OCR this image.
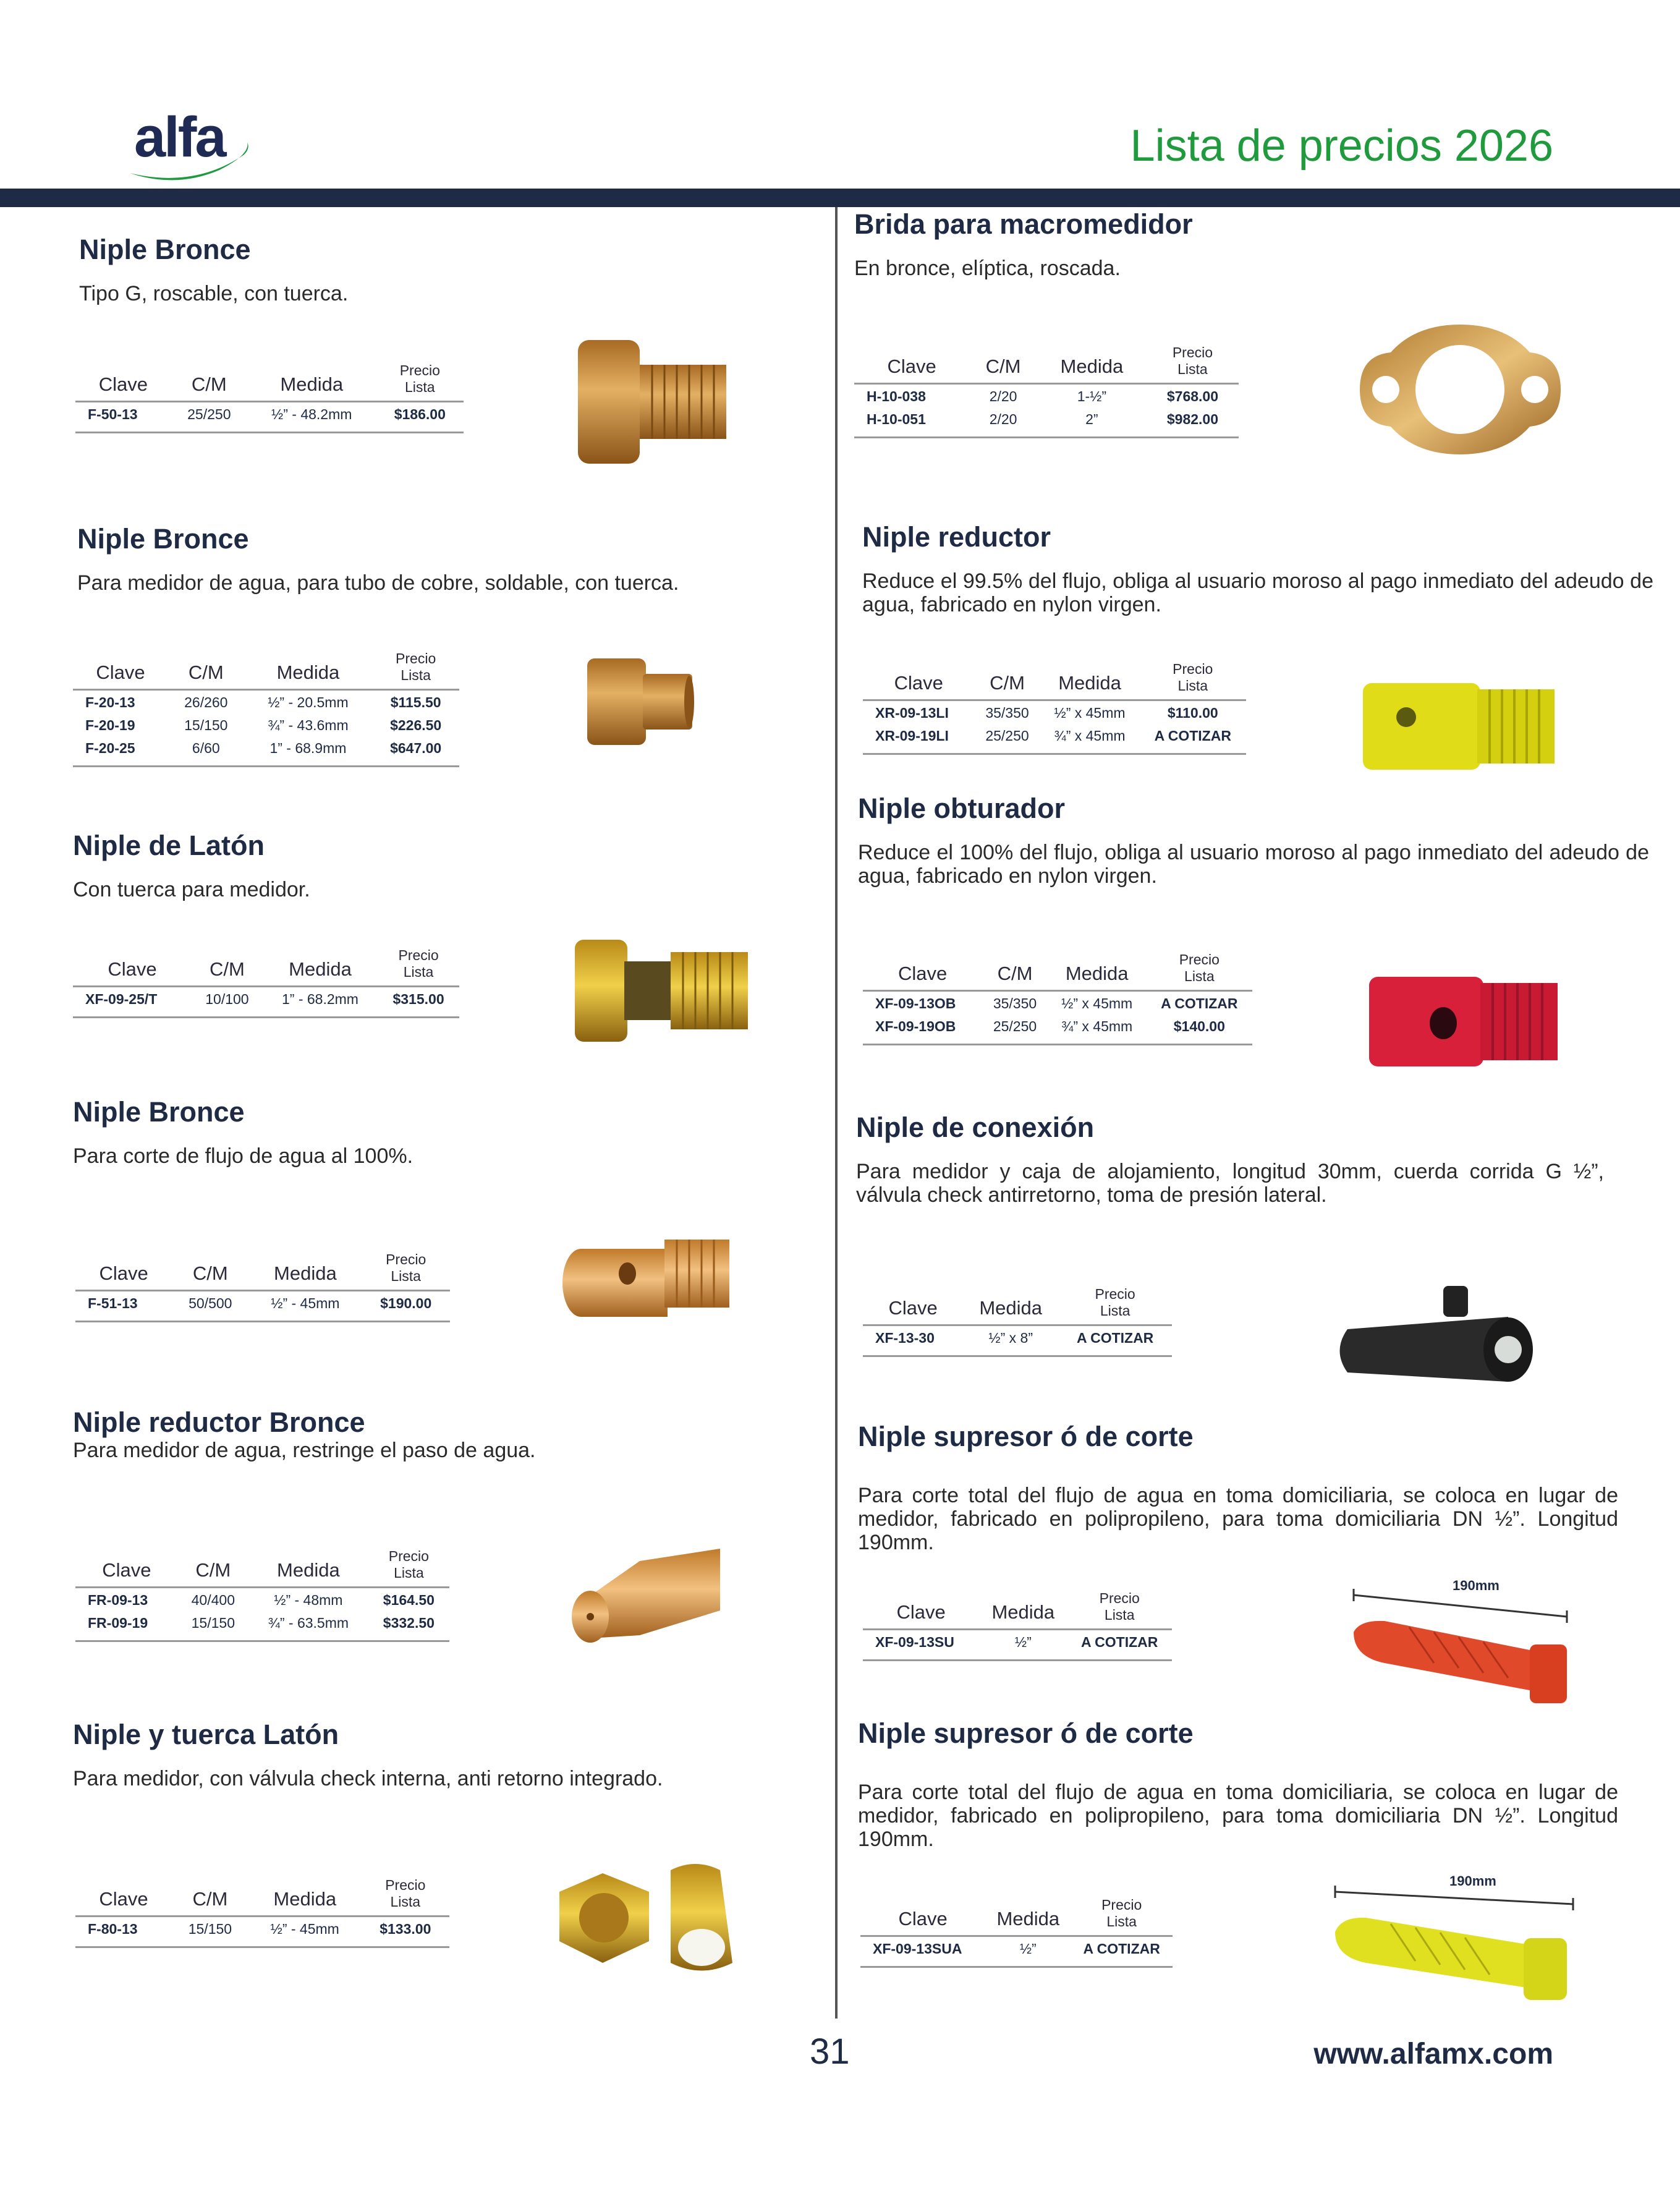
alfa	Lista de precios 2026
Niple Bronce

Tipo G, roscable, con tuerca.

Clave	C/M	Medida	Precio
Lista
F-50-13	25/250	½” - 48.2mm	$186.00
Niple Bronce

Para medidor de agua, para tubo de cobre, soldable, con tuerca.

Clave	C/M	Medida	Precio
Lista
F-20-13	26/260	½” - 20.5mm	$115.50
F-20-19	15/150	¾” - 43.6mm	$226.50
F-20-25	6/60	1” - 68.9mm	$647.00
Niple de Latón

Con tuerca para medidor.

Clave	C/M	Medida	Precio
Lista
XF-09-25/T	10/100	1” - 68.2mm	$315.00
Niple Bronce

Para corte de flujo de agua al 100%.

Clave	C/M	Medida	Precio
Lista
F-51-13	50/500	½” - 45mm	$190.00
Niple reductor Bronce

Para medidor de agua, restringe el paso de agua.

Clave	C/M	Medida	Precio
Lista
FR-09-13	40/400	½” - 48mm	$164.50
FR-09-19	15/150	¾” - 63.5mm	$332.50
Niple y tuerca Latón

Para medidor, con válvula check interna, anti retorno integrado.

Clave	C/M	Medida	Precio
Lista
F-80-13	15/150	½” - 45mm	$133.00
Brida para macromedidor

En bronce, elíptica, roscada.

Clave	C/M	Medida	Precio
Lista
H-10-038	2/20	1-½”	$768.00
H-10-051	2/20	2”	$982.00
Niple reductor

Reduce el 99.5% del flujo, obliga al usuario moroso al pago inmediato del adeudo de agua, fabricado en nylon virgen.

Clave	C/M	Medida	Precio
Lista
XR-09-13LI	35/350	½” x 45mm	$110.00
XR-09-19LI	25/250	¾” x 45mm	A COTIZAR
Niple obturador

Reduce el 100% del flujo, obliga al usuario moroso al pago inmediato del adeudo de agua, fabricado en nylon virgen.

Clave	C/M	Medida	Precio
Lista
XF-09-13OB	35/350	½” x 45mm	A COTIZAR
XF-09-19OB	25/250	¾” x 45mm	$140.00
Niple de conexión

Para medidor y caja de alojamiento, longitud 30mm, cuerda corrida G ½”, válvula check antirretorno, toma de presión lateral.

Clave	Medida	Precio
Lista
XF-13-30	½” x 8”	A COTIZAR
Niple supresor ó de corte

Para corte total del flujo de agua en toma domiciliaria, se coloca en lugar de medidor, fabricado en polipropileno, para toma domiciliaria DN ½”. Longitud 190mm.

Clave	Medida	Precio
Lista
XF-09-13SU	½”	A COTIZAR
190mm
Niple supresor ó de corte

Para corte total del flujo de agua en toma domiciliaria, se coloca en lugar de medidor, fabricado en polipropileno, para toma domiciliaria DN ½”. Longitud 190mm.

Clave	Medida	Precio
Lista
XF-09-13SUA	½”	A COTIZAR
190mm
31	www.alfamx.com
